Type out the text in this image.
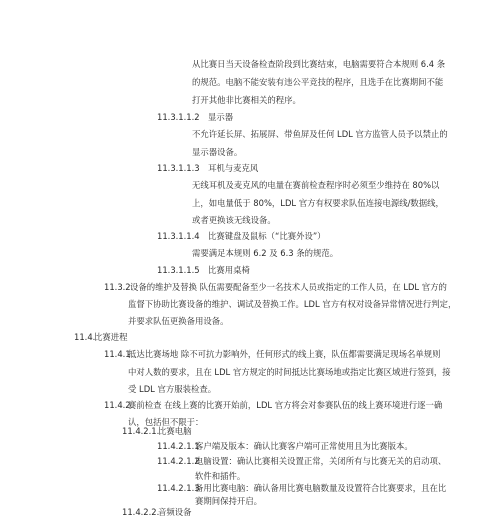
从比赛日当天设备检查阶段到比赛结束，电脑需要符合本规则 6.4 条
的规范。电脑不能安装有违公平竞技的程序，且选手在比赛期间不能
打开其他非比赛相关的程序。
11.3.1.1.2 显示器
不允许延长屏、拓展屏、带鱼屏及任何 LDL 官方监管人员予以禁止的
显示器设备。
11.3.1.1.3 耳机与麦克风
无线耳机及麦克风的电量在赛前检查程序时必须至少维持在 80%以
上，如电量低于 80%，LDL 官方有权要求队伍连接电源线/数据线，
或者更换该无线设备。
11.3.1.1.4 比赛键盘及鼠标（“比赛外设”）
需要满足本规则 6.2 及 6.3 条的规范。
11.3.1.1.5 比赛用桌椅
11.3.2.
设备的维护及替换 队伍需要配备至少一名技术人员或指定的工作人员，在 LDL 官方的
监督下协助比赛设备的维护、调试及替换工作。LDL 官方有权对设备异常情况进行判定，
并要求队伍更换备用设备。
11.4.
比赛进程
11.4.1.
抵达比赛场地 除不可抗力影响外，任何形式的线上赛，队伍都需要满足现场名单规则
中对人数的要求，且在 LDL 官方规定的时间抵达比赛场地或指定比赛区域进行签到，接
受 LDL 官方服装检查。
11.4.2.
赛前检查 在线上赛的比赛开始前，LDL 官方将会对参赛队伍的线上赛环境进行逐一确
认，包括但不限于：
11.4.2.1.
比赛电脑
11.4.2.1.1
客户端及版本：确认比赛客户端可正常使用且为比赛版本。
11.4.2.1.2
电脑设置：确认比赛相关设置正常，关闭所有与比赛无关的启动项、
软件和插件。
11.4.2.1.3
备用比赛电脑：确认备用比赛电脑数量及设置符合比赛要求，且在比
赛期间保持开启。
11.4.2.2.
音频设备
